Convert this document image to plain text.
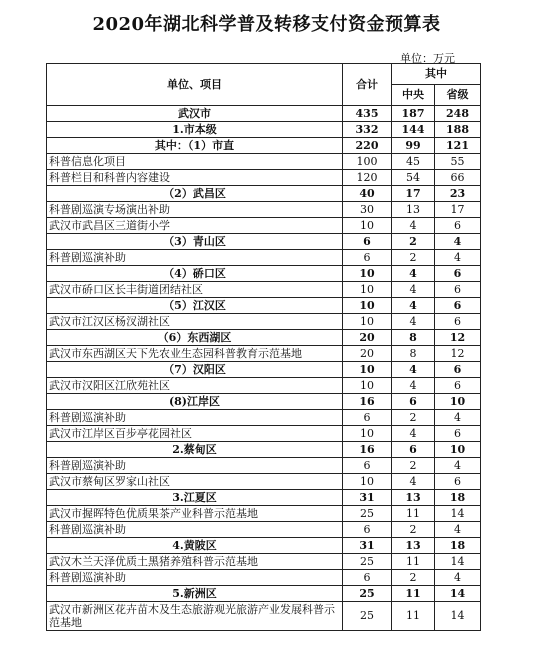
2020年湖北科学普及转移支付资金预算表
单位：万元
单位、项目	合计	其中	
		中央	省级
武汉市	435	187	248
1.市本级	332	144	188
其中：（1）市直	220	99	121
科普信息化项目	100	45	55
科普栏目和科普内容建设	120	54	66
（2）武昌区	40	17	23
科普剧巡演专场演出补助	30	13	17
武汉市武昌区三道街小学	10	4	6
（3）青山区	6	2	4
科普剧巡演补助	6	2	4
（4）硚口区	10	4	6
武汉市硚口区长丰街道团结社区	10	4	6
（5）江汉区	10	4	6
武汉市江汉区杨汊湖社区	10	4	6
（6）东西湖区	20	8	12
武汉市东西湖区天下先农业生态园科普教育示范基地	20	8	12
（7）汉阳区	10	4	6
武汉市汉阳区江欣苑社区	10	4	6
(8)江岸区	16	6	10
科普剧巡演补助	6	2	4
武汉市江岸区百步亭花园社区	10	4	6
2.蔡甸区	16	6	10
科普剧巡演补助	6	2	4
武汉市蔡甸区罗家山社区	10	4	6
3.江夏区	31	13	18
武汉市握晖特色优质果茶产业科普示范基地	25	11	14
科普剧巡演补助	6	2	4
4.黄陂区	31	13	18
武汉木兰天泽优质土黑猪养殖科普示范基地	25	11	14
科普剧巡演补助	6	2	4
5.新洲区	25	11	14
武汉市新洲区花卉苗木及生态旅游观光旅游产业发展科普示范基地	25	11	14
